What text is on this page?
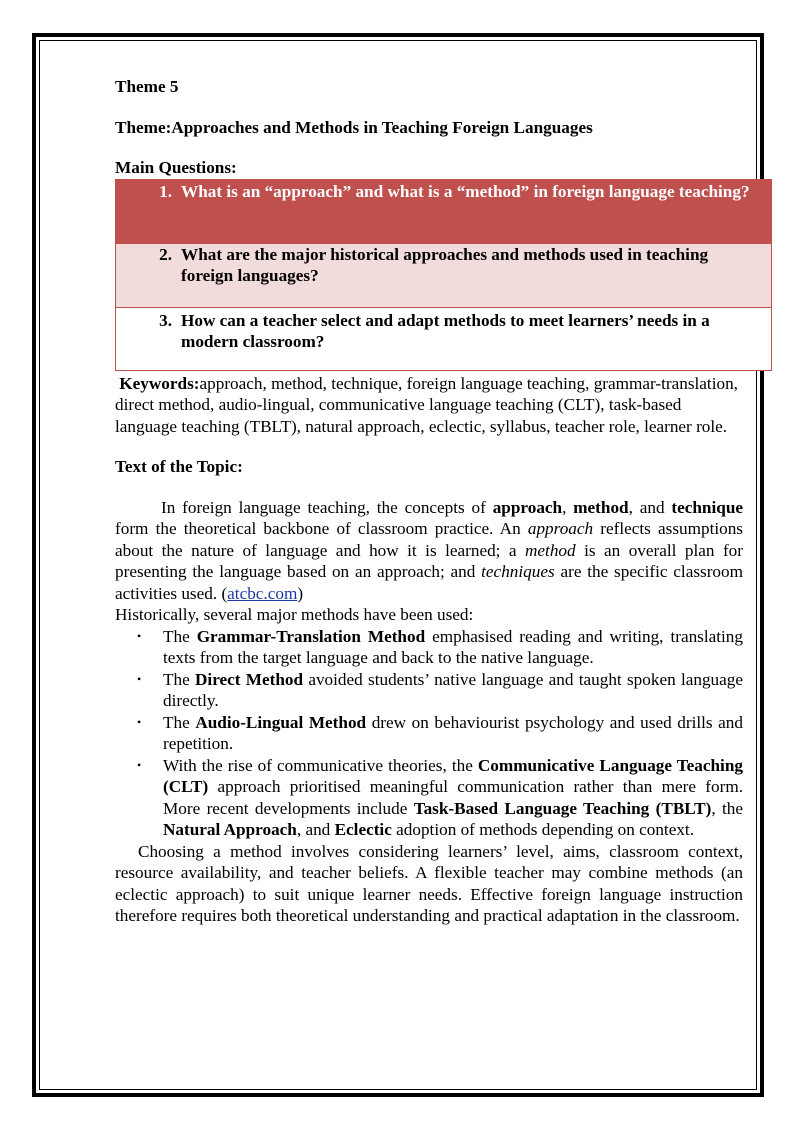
Theme 5
Theme:Approaches and Methods in Teaching Foreign Languages
Main Questions:
1. What is an “approach” and what is a “method” in foreign language teaching?

2. What are the major historical approaches and methods used in teaching foreign languages?

3. How can a teacher select and adapt methods to meet learners’ needs in a modern classroom?
Keywords:approach, method, technique, foreign language teaching, grammar-translation, direct method, audio-lingual, communicative language teaching (CLT), task-based language teaching (TBLT), natural approach, eclectic, syllabus, teacher role, learner role.
Text of the Topic:
In foreign language teaching, the concepts of approach, method, and technique form the theoretical backbone of classroom practice. An approach reflects assumptions about the nature of language and how it is learned; a method is an overall plan for presenting the language based on an approach; and techniques are the specific classroom activities used. (atcbc.com)
Historically, several major methods have been used:
• The Grammar-Translation Method emphasised reading and writing, translating texts from the target language and back to the native language.
• The Direct Method avoided students’ native language and taught spoken language directly.
• The Audio-Lingual Method drew on behaviourist psychology and used drills and repetition.
• With the rise of communicative theories, the Communicative Language Teaching (CLT) approach prioritised meaningful communication rather than mere form. More recent developments include Task-Based Language Teaching (TBLT), the Natural Approach, and Eclectic adoption of methods depending on context.
Choosing a method involves considering learners’ level, aims, classroom context, resource availability, and teacher beliefs. A flexible teacher may combine methods (an eclectic approach) to suit unique learner needs. Effective foreign language instruction therefore requires both theoretical understanding and practical adaptation in the classroom.
